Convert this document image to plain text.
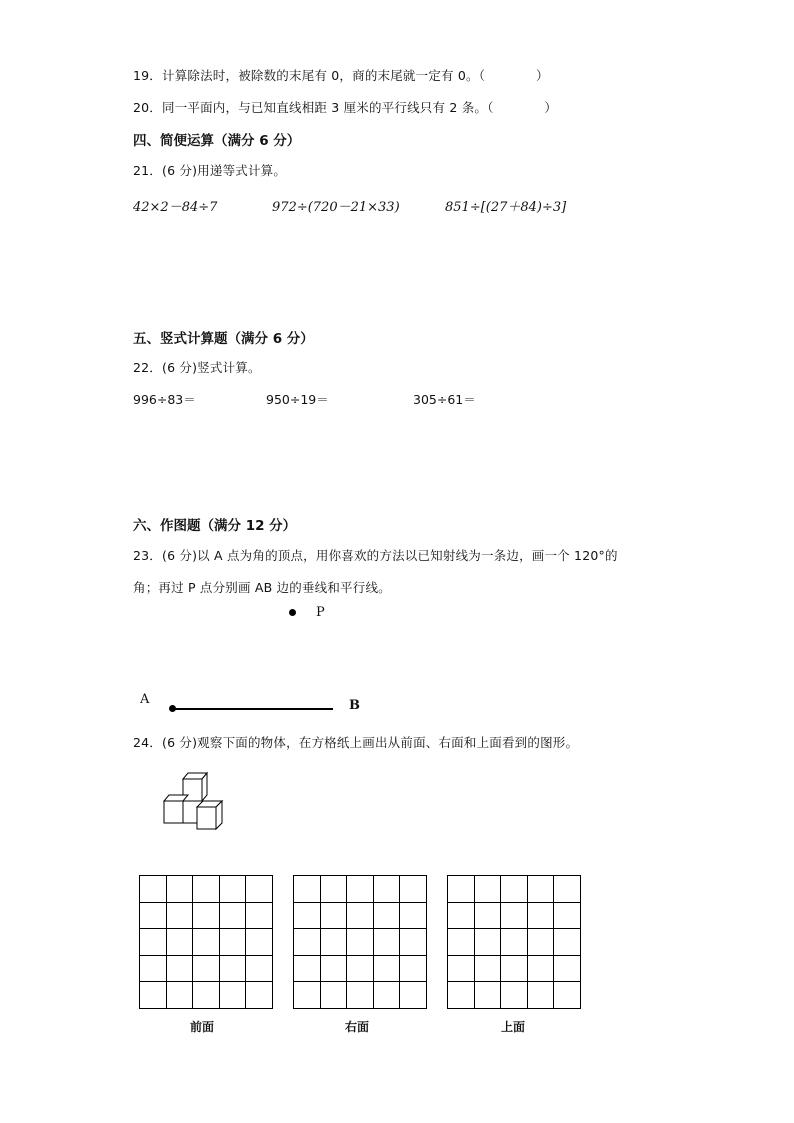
19．计算除法时，被除数的末尾有 0，商的末尾就一定有 0。（　　　　）
20．同一平面内，与已知直线相距 3 厘米的平行线只有 2 条。（　　　　）
四、简便运算（满分 6 分）
21．(6 分)用递等式计算。
42×2－84÷7	972÷(720－21×33)	851÷[(27＋84)÷3]
五、竖式计算题（满分 6 分）
22．(6 分)竖式计算。
996÷83＝	950÷19＝	305÷61＝
六、作图题（满分 12 分）
23．(6 分)以 A 点为角的顶点，用你喜欢的方法以已知射线为一条边，画一个 120°的
角；再过 P 点分别画 AB 边的垂线和平行线。
P
A	B
24．(6 分)观察下面的物体，在方格纸上画出从前面、右面和上面看到的图形。
前面	右面	上面
